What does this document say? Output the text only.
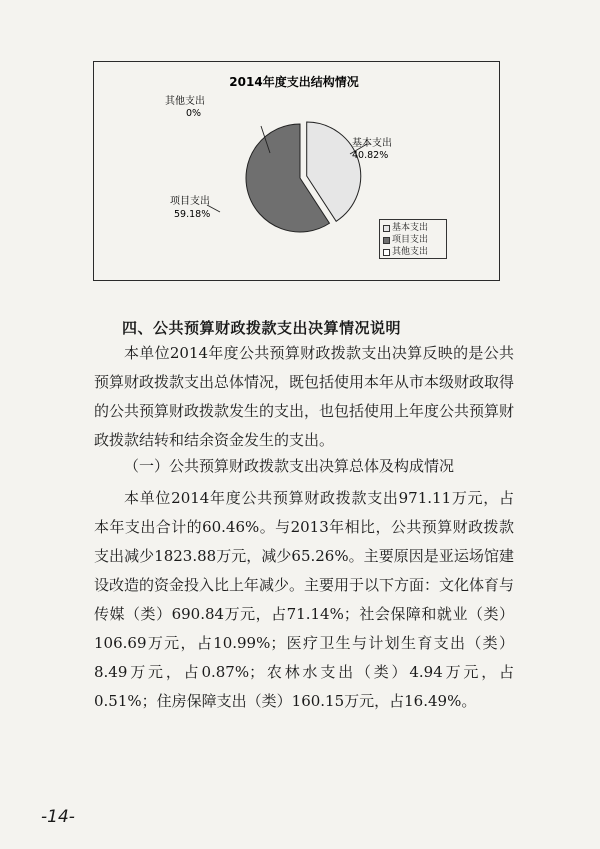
2014年度支出结构情况
基本支出
40.82%
项目支出
59.18%
其他支出
0%
基本支出
项目支出
其他支出
四、公共预算财政拨款支出决算情况说明

本单位2014年度公共预算财政拨款支出决算反映的是公共预算财政拨款支出总体情况，既包括使用本年从市本级财政取得的公共预算财政拨款发生的支出，也包括使用上年度公共预算财政拨款结转和结余资金发生的支出。

（一）公共预算财政拨款支出决算总体及构成情况

本单位2014年度公共预算财政拨款支出971.11万元，占本年支出合计的60.46%。与2013年相比，公共预算财政拨款支出减少1823.88万元，减少65.26%。主要原因是亚运场馆建设改造的资金投入比上年减少。主要用于以下方面：文化体育与传媒（类）690.84万元，占71.14%；社会保障和就业（类）106.69万元，占10.99%；医疗卫生与计划生育支出（类）8.49万元，占0.87%；农林水支出（类）4.94万元，占0.51%；住房保障支出（类）160.15万元，占16.49%。

-14-
